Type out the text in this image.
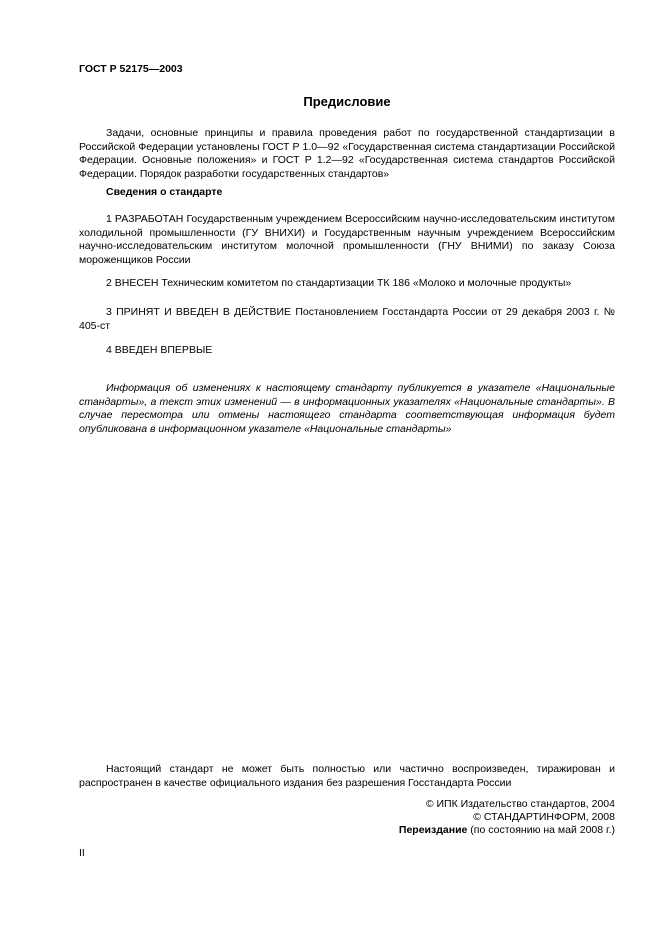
ГОСТ Р 52175—2003
Предисловие
Задачи, основные принципы и правила проведения работ по государственной стандартизации в Российской Федерации установлены ГОСТ Р 1.0—92 «Государственная система стандартизации Российской Федерации. Основные положения» и ГОСТ Р 1.2—92 «Государственная система стандартов Российской Федерации. Порядок разработки государственных стандартов»
Сведения о стандарте
1 РАЗРАБОТАН Государственным учреждением Всероссийским научно-исследовательским институтом холодильной промышленности (ГУ ВНИХИ) и Государственным научным учреждением Всероссийским научно-исследовательским институтом молочной промышленности (ГНУ ВНИМИ) по заказу Союза мороженщиков России
2 ВНЕСЕН Техническим комитетом по стандартизации ТК 186 «Молоко и молочные продукты»
3 ПРИНЯТ И ВВЕДЕН В ДЕЙСТВИЕ Постановлением Госстандарта России от 29 декабря 2003 г. № 405-ст
4 ВВЕДЕН ВПЕРВЫЕ
Информация об изменениях к настоящему стандарту публикуется в указателе «Национальные стандарты», а текст этих изменений — в информационных указателях «Национальные стандарты». В случае пересмотра или отмены настоящего стандарта соответствующая информация будет опубликована в информационном указателе «Национальные стандарты»
Настоящий стандарт не может быть полностью или частично воспроизведен, тиражирован и распространен в качестве официального издания без разрешения Госстандарта России
© ИПК Издательство стандартов, 2004
© СТАНДАРТИНФОРМ, 2008
Переиздание (по состоянию на май 2008 г.)
II
